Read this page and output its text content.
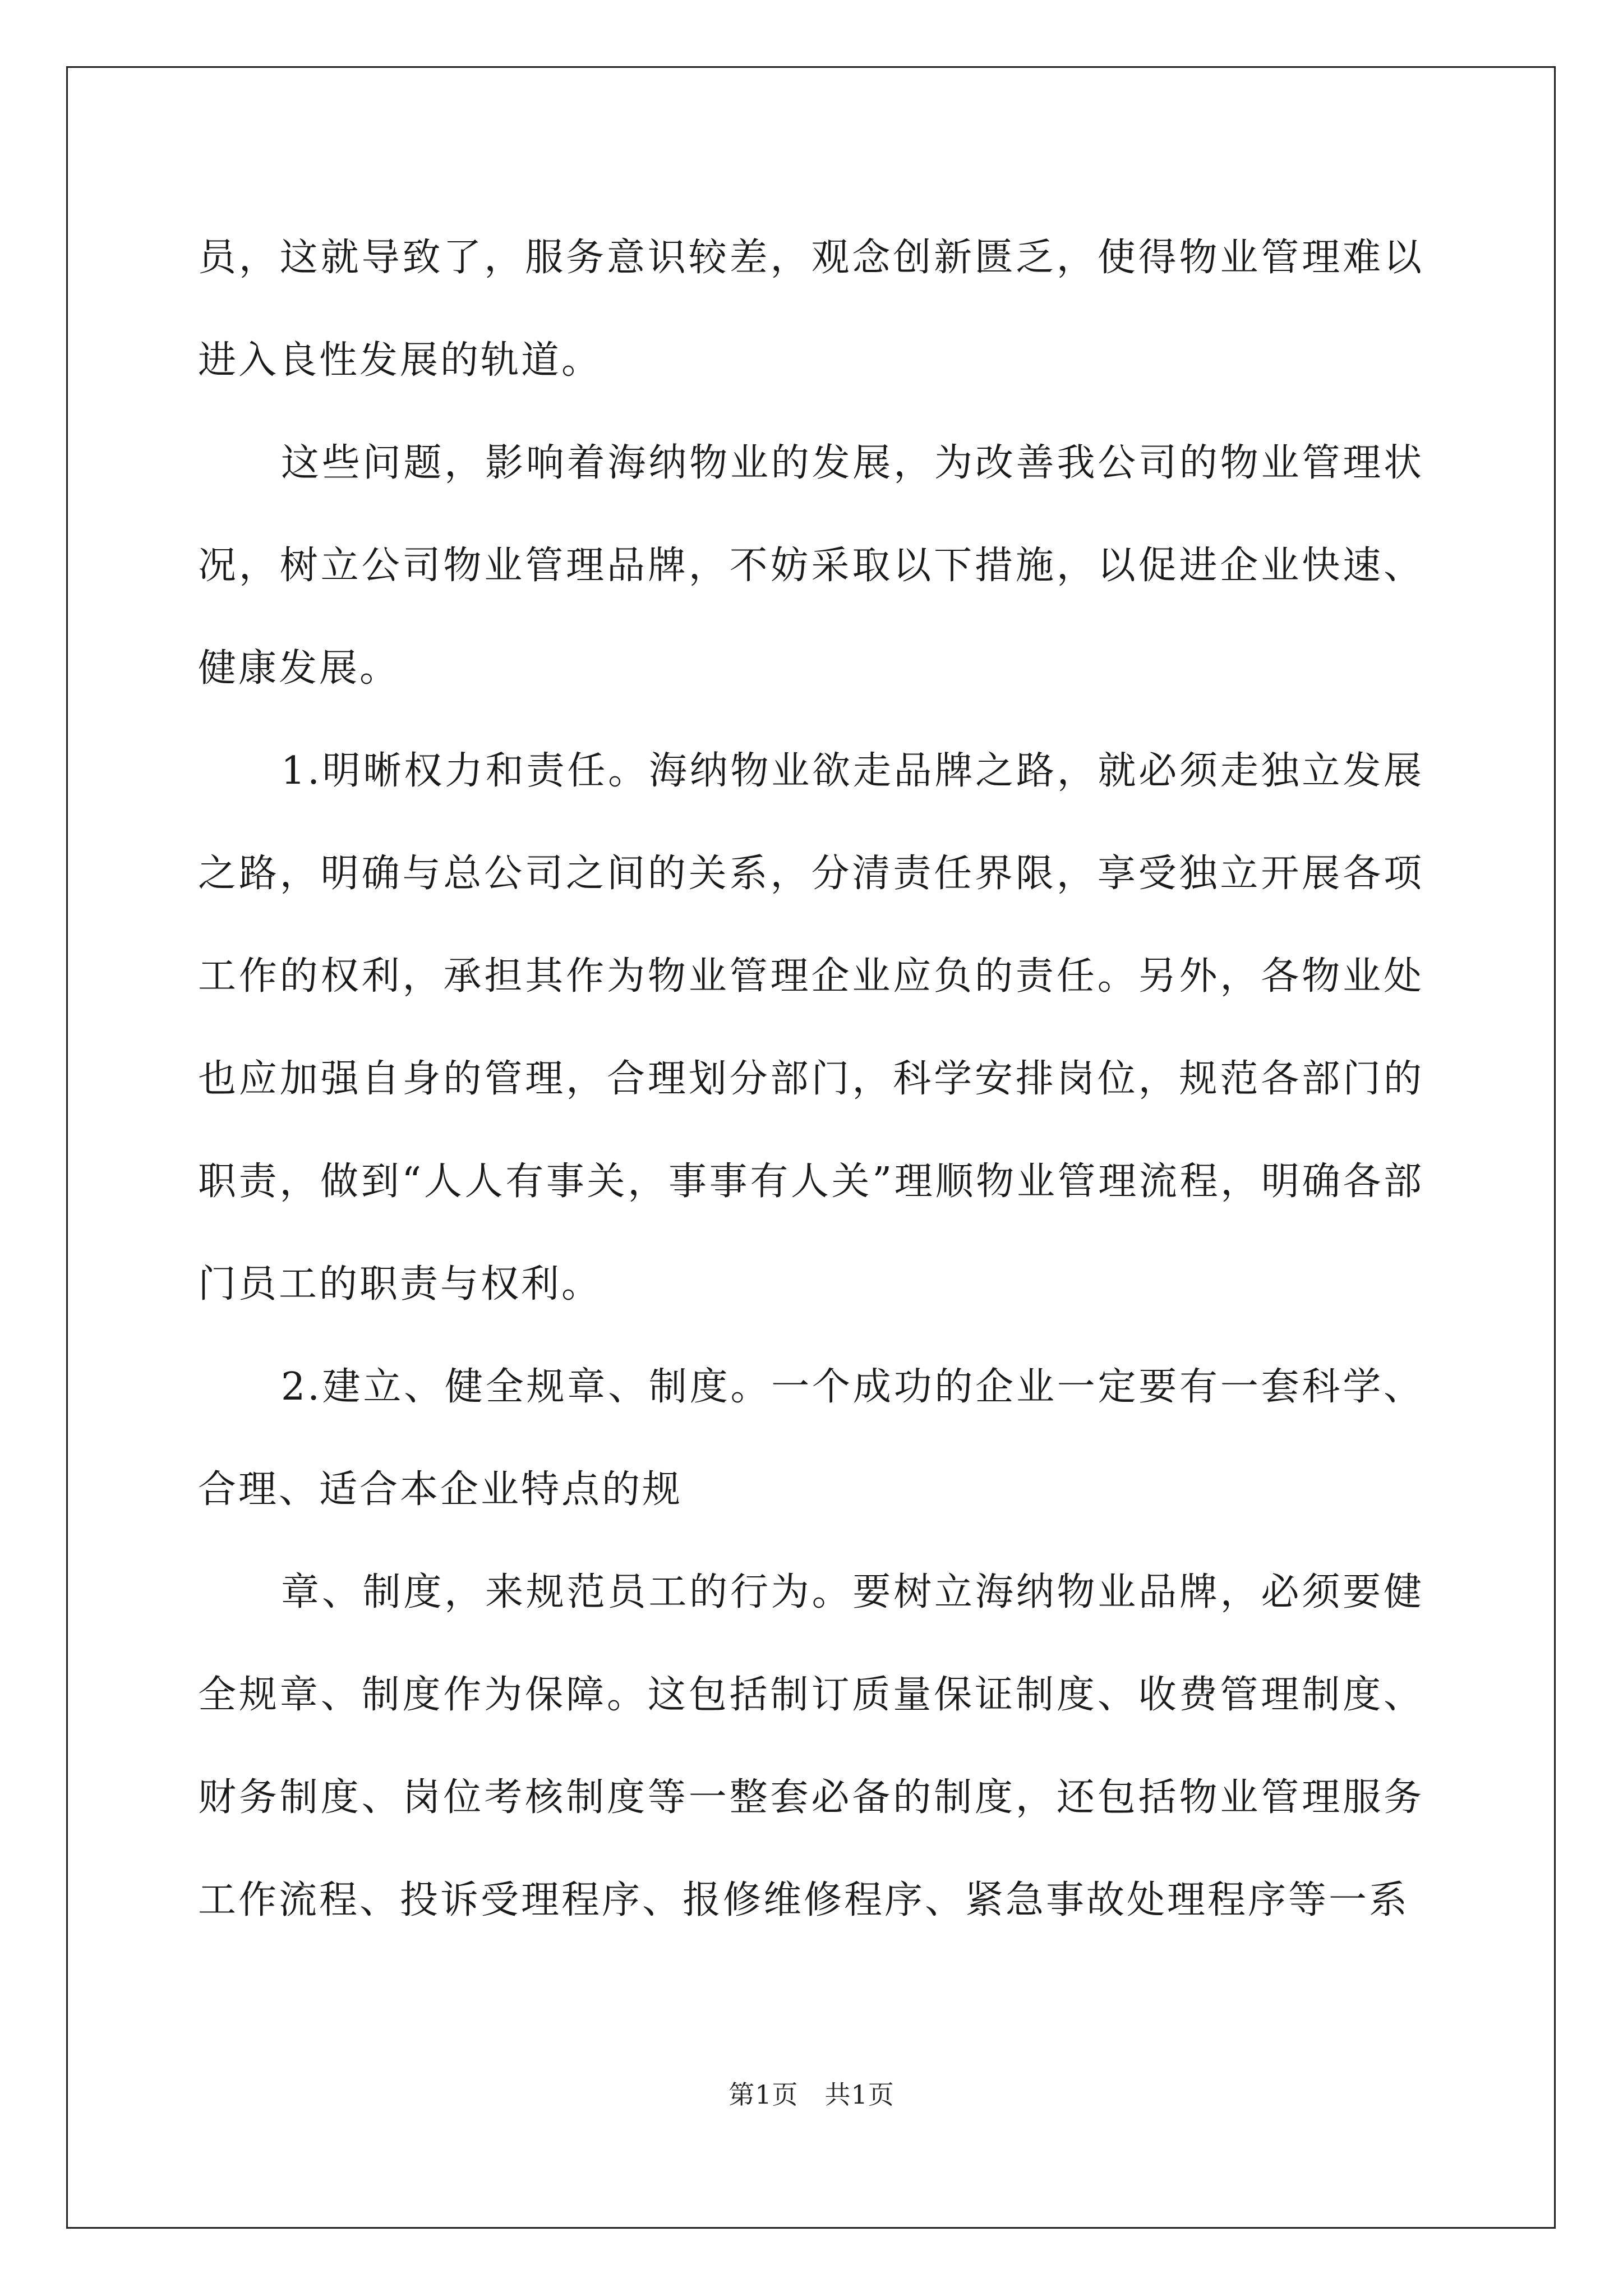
员，这就导致了，服务意识较差，观念创新匮乏，使得物业管理难以进入良性发展的轨道。

这些问题，影响着海纳物业的发展，为改善我公司的物业管理状况，树立公司物业管理品牌，不妨采取以下措施，以促进企业快速、健康发展。

1.明晰权力和责任。海纳物业欲走品牌之路，就必须走独立发展之路，明确与总公司之间的关系，分清责任界限，享受独立开展各项工作的权利，承担其作为物业管理企业应负的责任。另外，各物业处也应加强自身的管理，合理划分部门，科学安排岗位，规范各部门的职责，做到“人人有事关，事事有人关”理顺物业管理流程，明确各部门员工的职责与权利。

2.建立、健全规章、制度。一个成功的企业一定要有一套科学、合理、适合本企业特点的规

章、制度，来规范员工的行为。要树立海纳物业品牌，必须要健全规章、制度作为保障。这包括制订质量保证制度、收费管理制度、财务制度、岗位考核制度等一整套必备的制度，还包括物业管理服务工作流程、投诉受理程序、报修维修程序、紧急事故处理程序等一系

第1页　共1页
